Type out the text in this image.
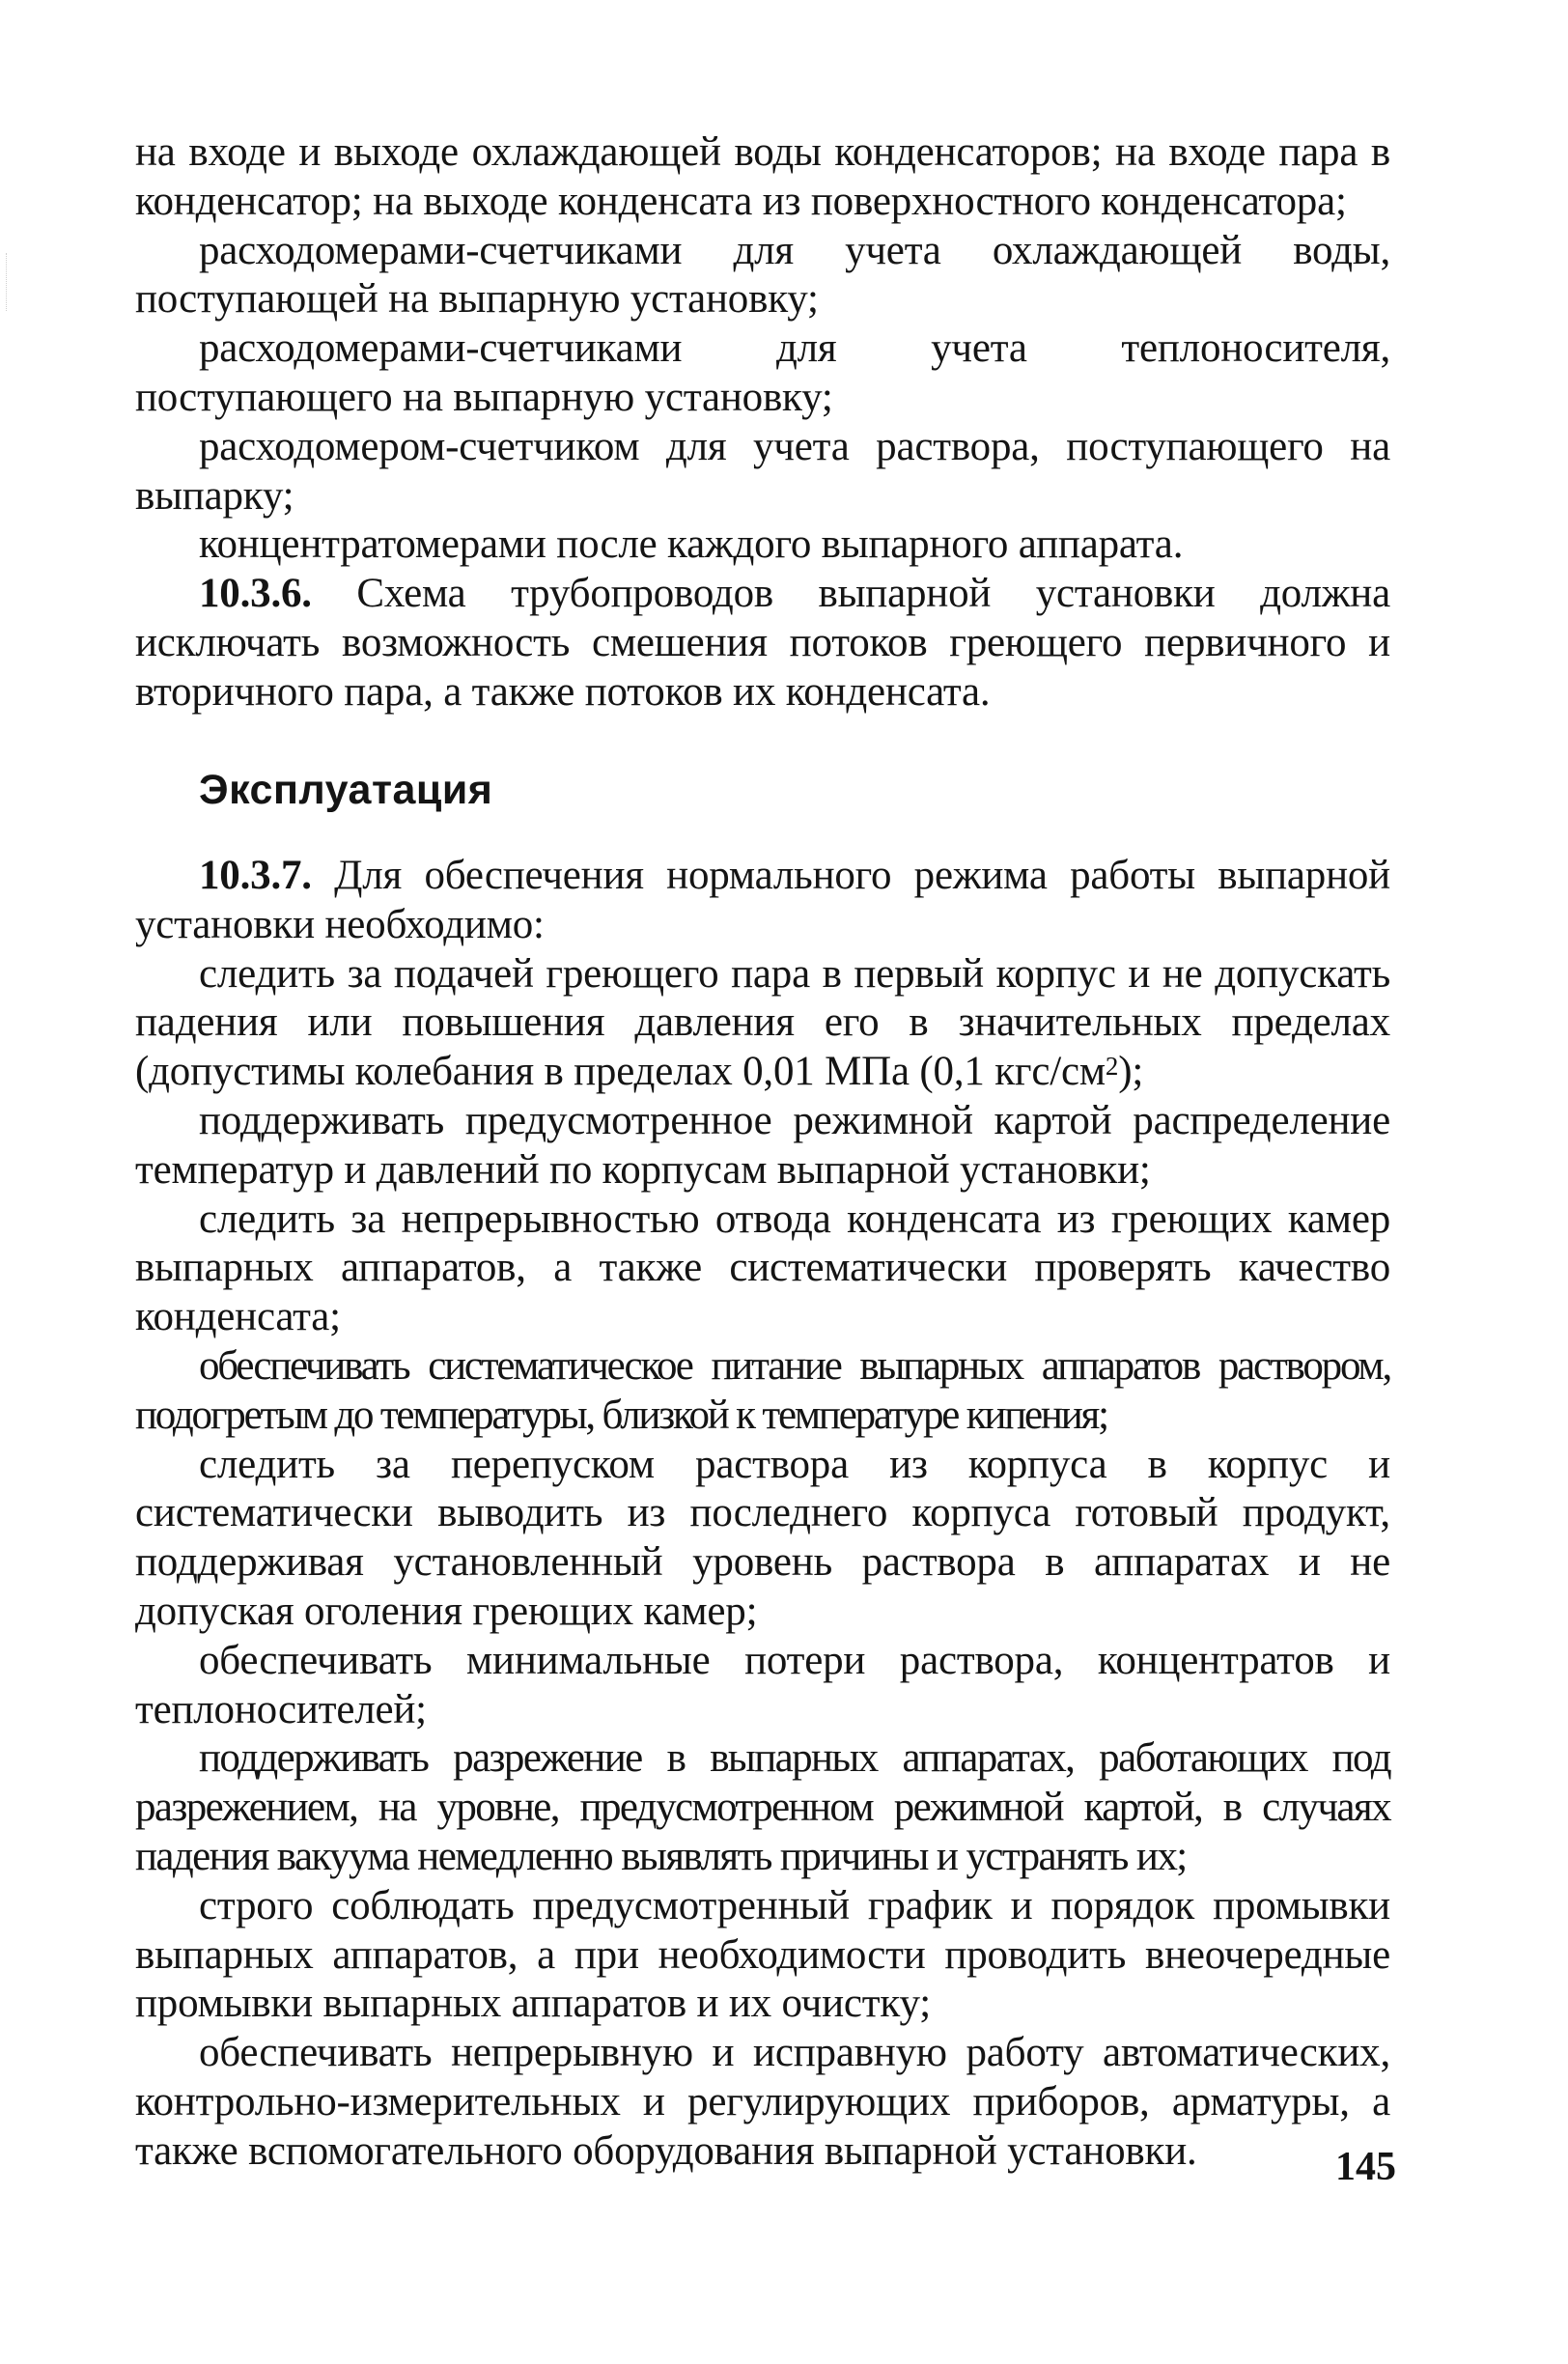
на входе и выходе охлаждающей воды конденсаторов; на входе пара в конденсатор; на выходе конденсата из поверхностного конденсатора;

расходомерами-счетчиками для учета охлаждающей воды, поступающей на выпарную установку;

расходомерами-счетчиками для учета теплоносителя, поступающего на выпарную установку;

расходомером-счетчиком для учета раствора, поступающего на выпарку;

концентратомерами после каждого выпарного аппарата.

10.3.6. Схема трубопроводов выпарной установки должна исключать возможность смешения потоков греющего первичного и вторичного пара, а также потоков их конденсата.

Эксплуатация

10.3.7. Для обеспечения нормального режима работы выпарной установки необходимо:

следить за подачей греющего пара в первый корпус и не допускать падения или повышения давления его в значительных пределах (допустимы колебания в пределах 0,01 МПа (0,1 кгс/$см^2$);

поддерживать предусмотренное режимной картой распределение температур и давлений по корпусам выпарной установки;

следить за непрерывностью отвода конденсата из греющих камер выпарных аппаратов, а также систематически проверять качество конденсата;

обеспечивать систематическое питание выпарных аппаратов раствором, подогретым до температуры, близкой к температуре кипения;

следить за перепуском раствора из корпуса в корпус и систематически выводить из последнего корпуса готовый продукт, поддерживая установленный уровень раствора в аппаратах и не допуская оголения греющих камер;

обеспечивать минимальные потери раствора, концентратов и теплоносителей;

поддерживать разрежение в выпарных аппаратах, работающих под разрежением, на уровне, предусмотренном режимной картой, в случаях падения вакуума немедленно выявлять причины и устранять их;

строго соблюдать предусмотренный график и порядок промывки выпарных аппаратов, а при необходимости проводить внеочередные промывки выпарных аппаратов и их очистку;

обеспечивать непрерывную и исправную работу автоматических, контрольно-измерительных и регулирующих приборов, арматуры, а также вспомогательного оборудования выпарной установки.	145
